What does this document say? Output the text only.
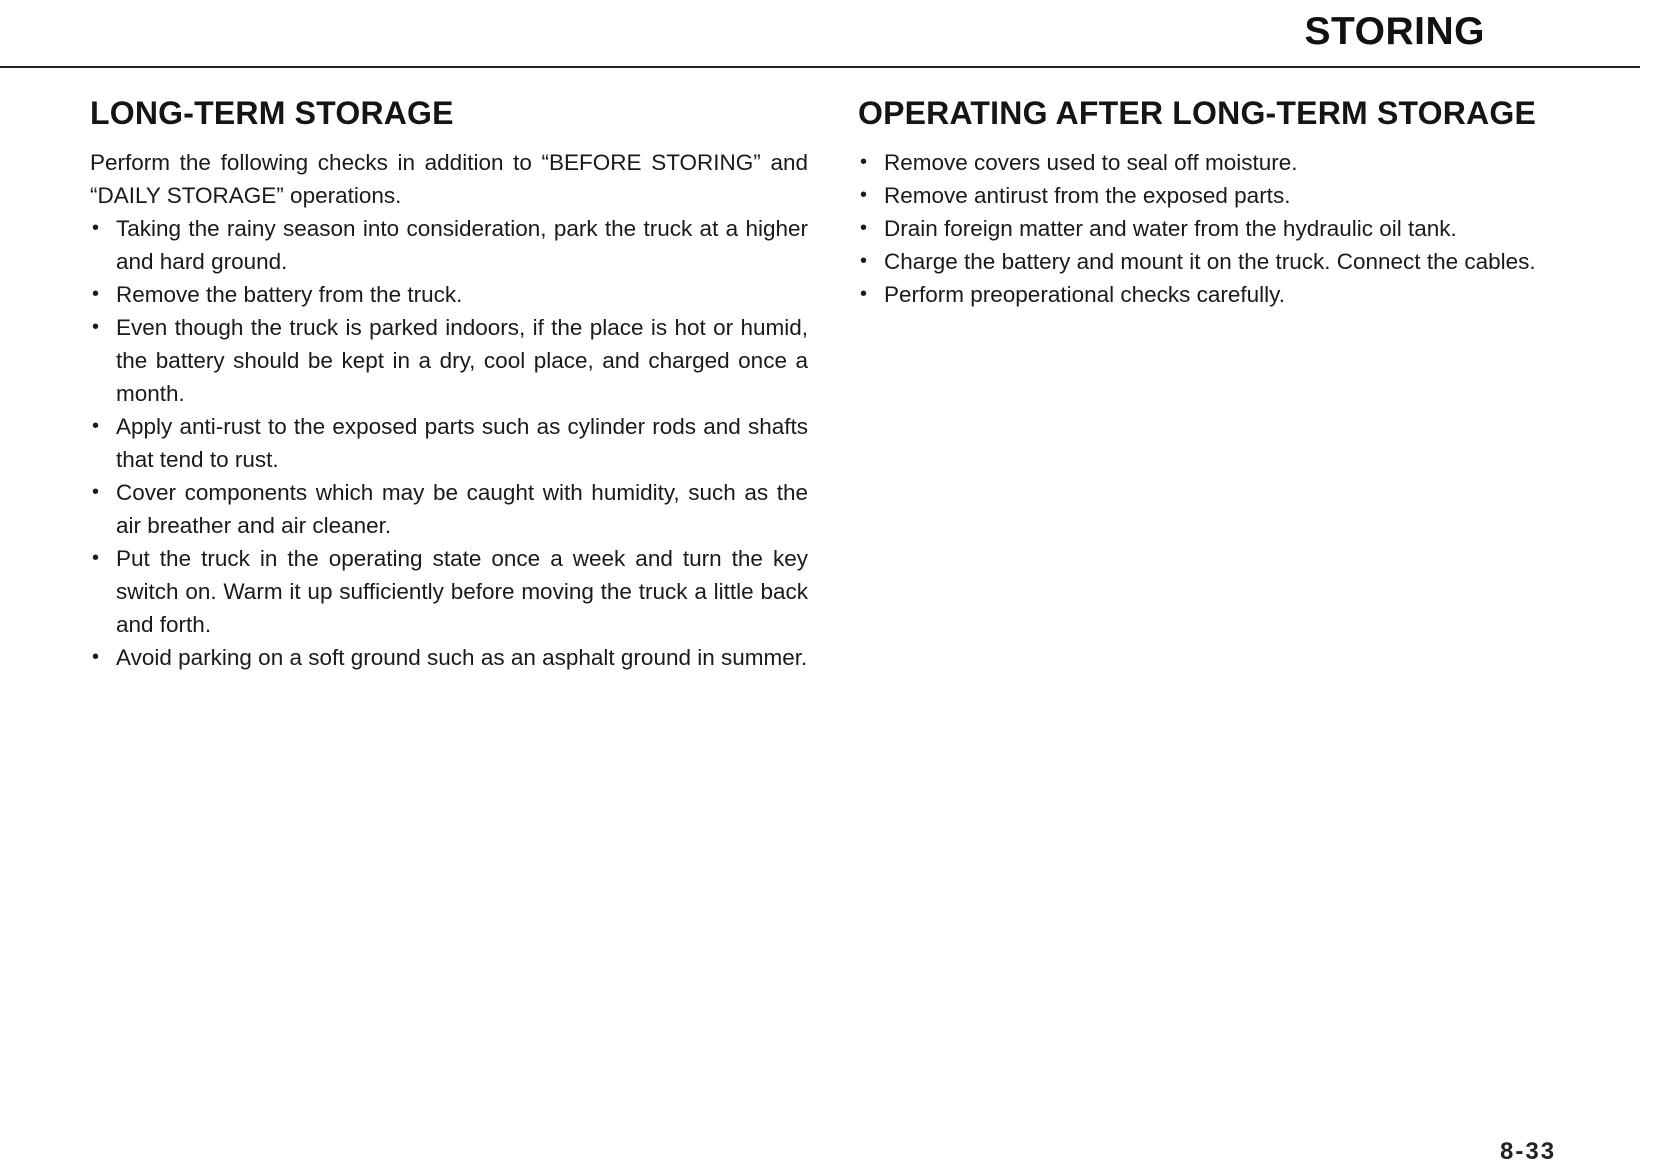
STORING
LONG-TERM STORAGE

Perform the following checks in addition to “BEFORE STORING” and “DAILY STORAGE” operations.

• Taking the rainy season into consideration, park the truck at a higher and hard ground.
• Remove the battery from the truck.
• Even though the truck is parked indoors, if the place is hot or humid, the battery should be kept in a dry, cool place, and charged once a month.
• Apply anti-rust to the exposed parts such as cylinder rods and shafts that tend to rust.
• Cover components which may be caught with humidity, such as the air breather and air cleaner.
• Put the truck in the operating state once a week and turn the key switch on. Warm it up sufficiently before moving the truck a little back and forth.
• Avoid parking on a soft ground such as an asphalt ground in summer.
OPERATING AFTER LONG-TERM STORAGE
• Remove covers used to seal off moisture.
• Remove antirust from the exposed parts.
• Drain foreign matter and water from the hydraulic oil tank.
• Charge the battery and mount it on the truck. Connect the cables.
• Perform preoperational checks carefully.
8-33
